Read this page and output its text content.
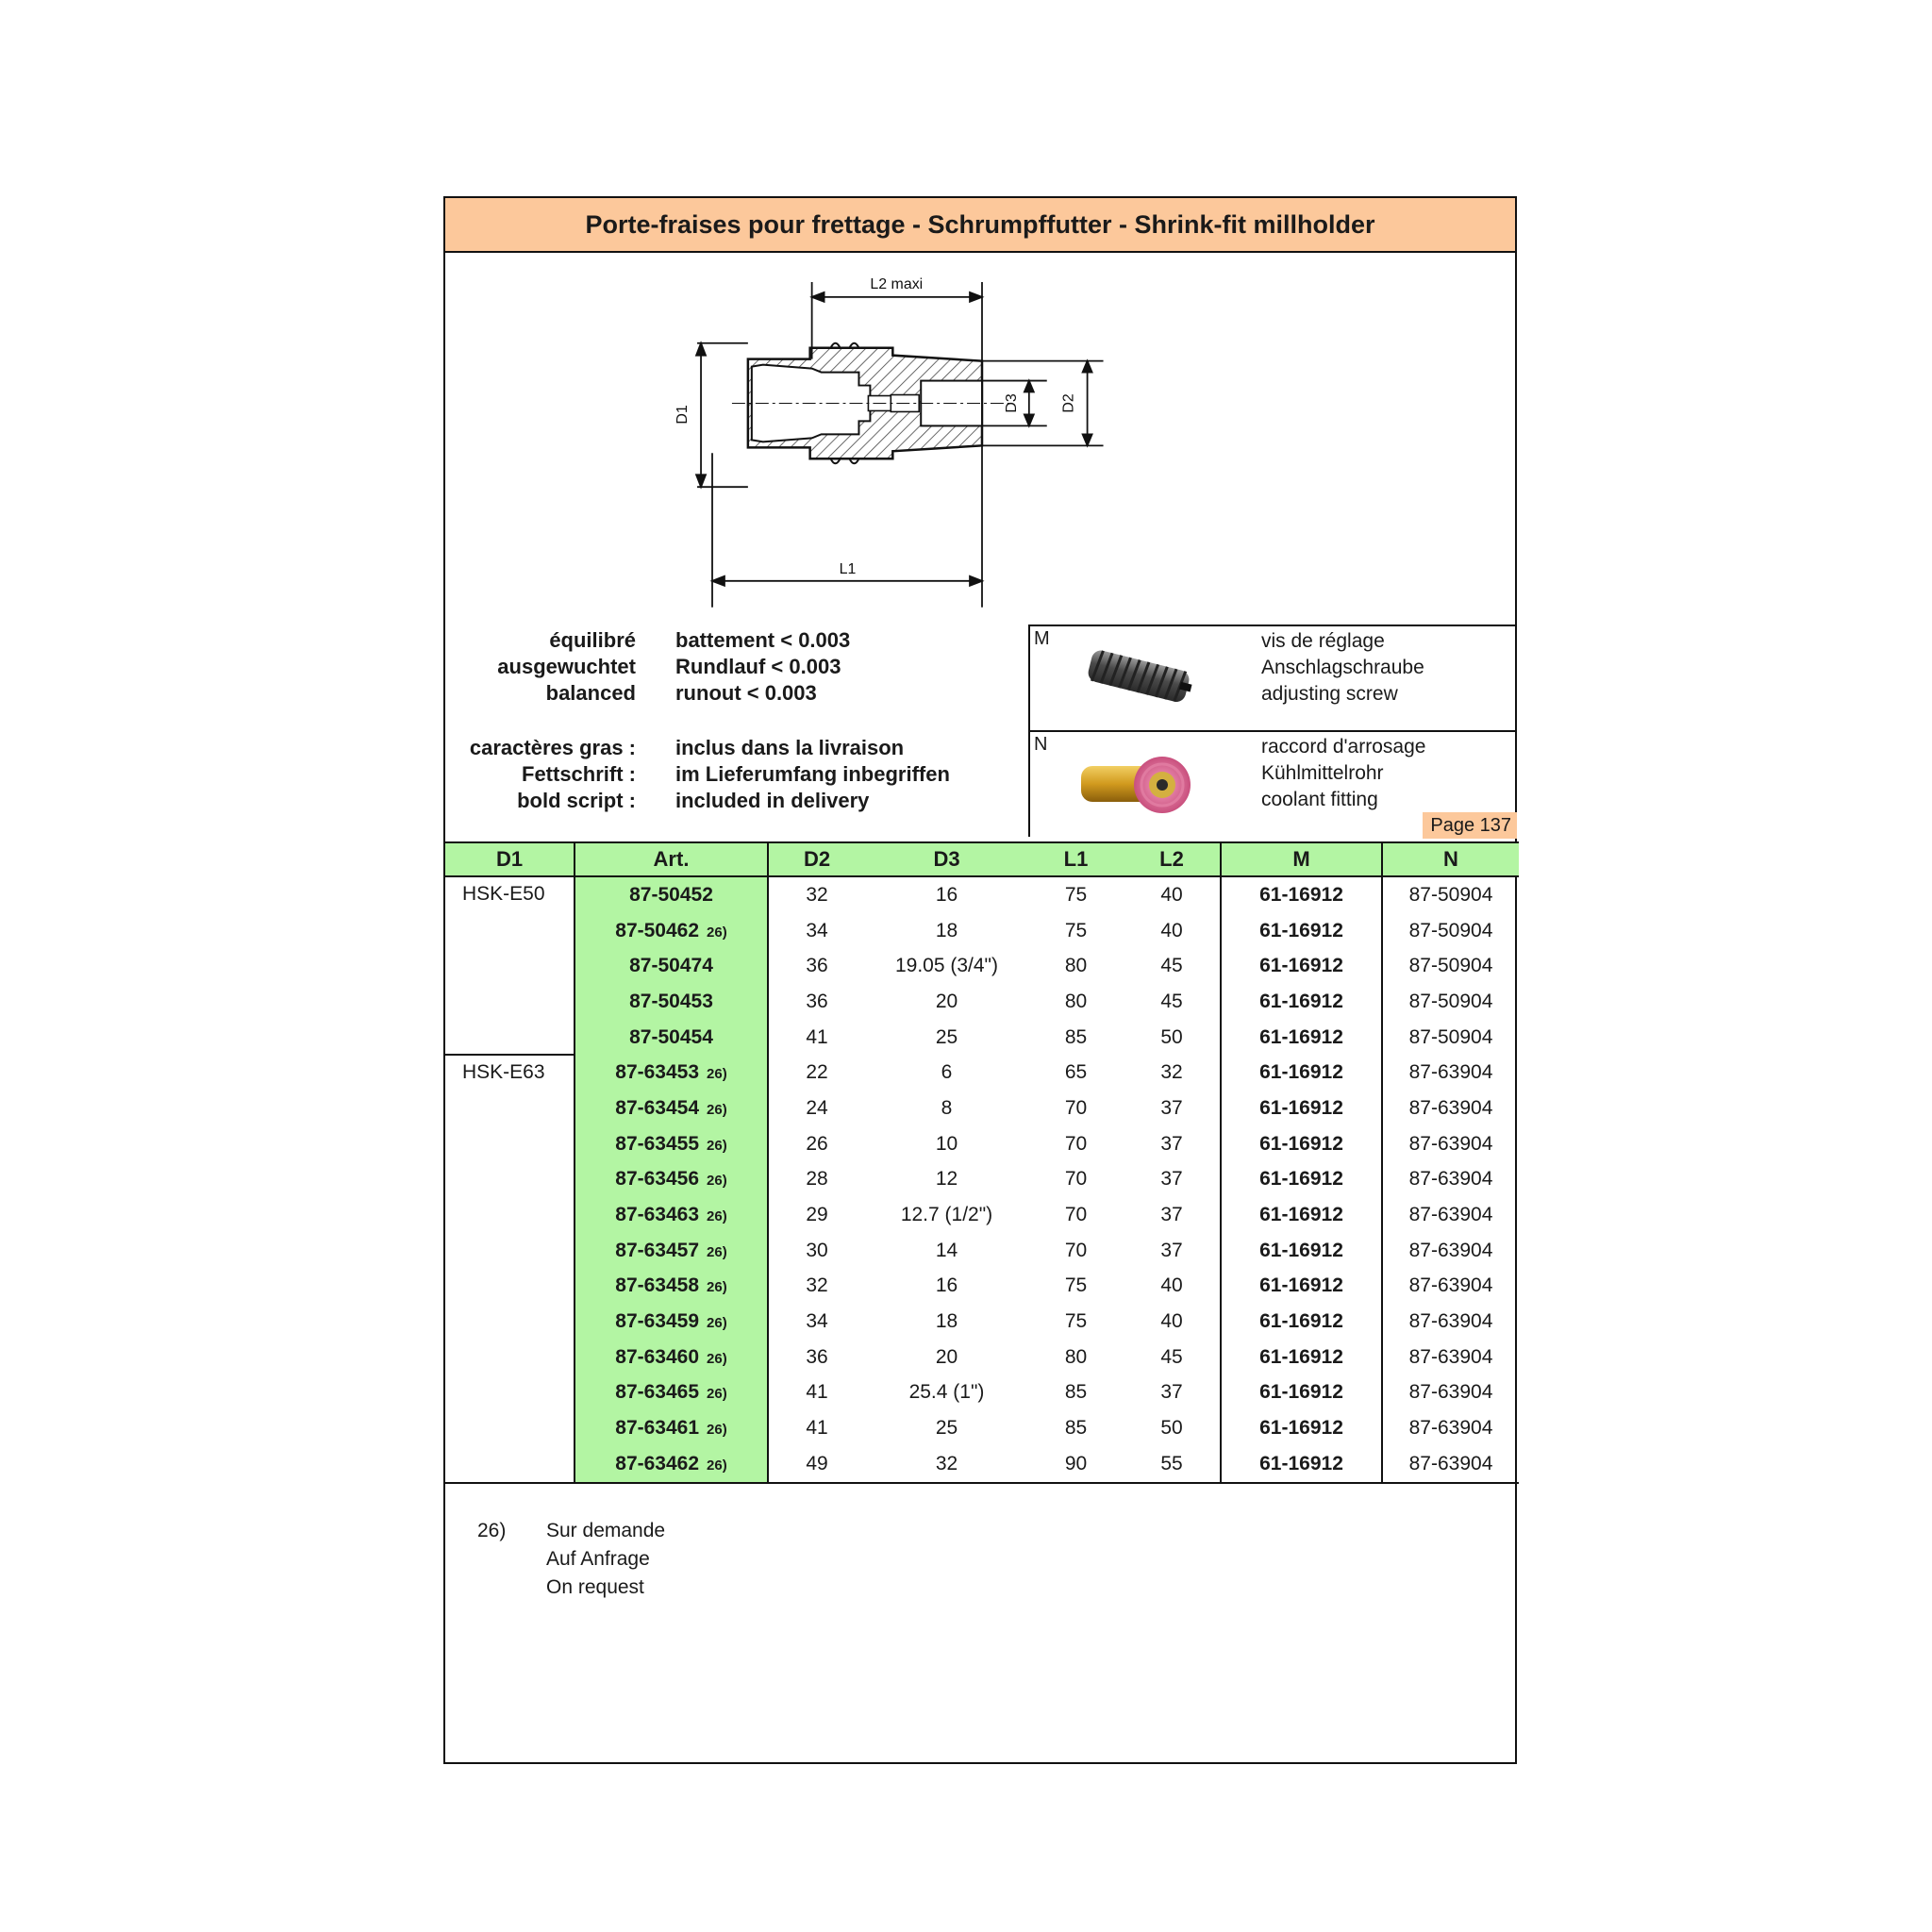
Porte-fraises pour frettage - Schrumpffutter - Shrink-fit millholder
L2 maxi
L1
D1
D3	D2
équilibré
ausgewuchtet
balanced
battement < 0.003
Rundlauf < 0.003
runout < 0.003
caractères gras :
Fettschrift :
bold script :
inclus dans la livraison
im Lieferumfang inbegriffen
included in delivery
M	vis de réglage
Anschlagschraube
adjusting screw
N	raccord d'arrosage
Kühlmittelrohr
coolant fitting
Page 137
D1	Art.	D2	D3	L1	L2	M	N
HSK-E50	87-50452	32	16	75	40	61-16912	87-50904
	87-50462 26)	34	18	75	40	61-16912	87-50904
	87-50474	36	19.05 (3/4")	80	45	61-16912	87-50904
	87-50453	36	20	80	45	61-16912	87-50904
	87-50454	41	25	85	50	61-16912	87-50904
HSK-E63	87-63453 26)	22	6	65	32	61-16912	87-63904
	87-63454 26)	24	8	70	37	61-16912	87-63904
	87-63455 26)	26	10	70	37	61-16912	87-63904
	87-63456 26)	28	12	70	37	61-16912	87-63904
	87-63463 26)	29	12.7 (1/2")	70	37	61-16912	87-63904
	87-63457 26)	30	14	70	37	61-16912	87-63904
	87-63458 26)	32	16	75	40	61-16912	87-63904
	87-63459 26)	34	18	75	40	61-16912	87-63904
	87-63460 26)	36	20	80	45	61-16912	87-63904
	87-63465 26)	41	25.4 (1")	85	37	61-16912	87-63904
	87-63461 26)	41	25	85	50	61-16912	87-63904
	87-63462 26)	49	32	90	55	61-16912	87-63904
26) Sur demande
Auf Anfrage
On request
